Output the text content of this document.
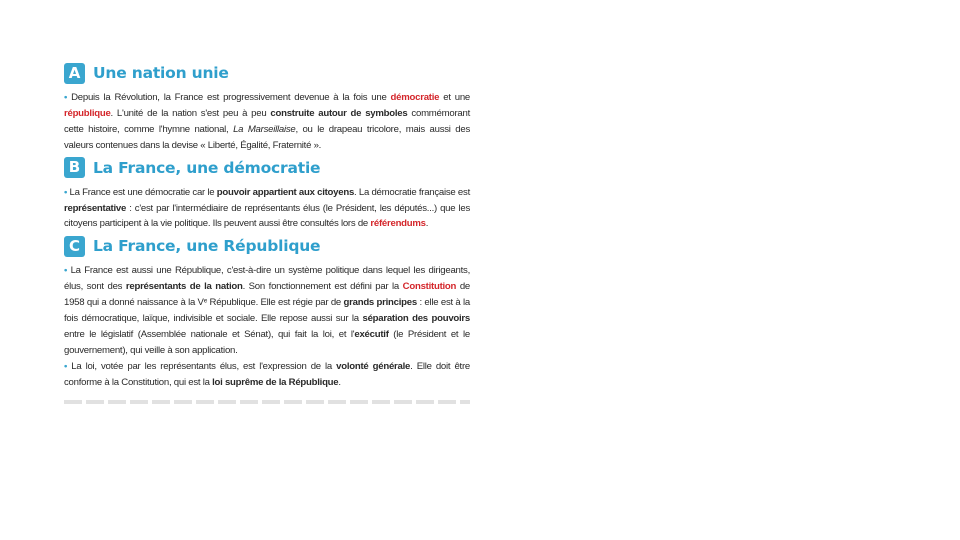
A Une nation unie

• Depuis la Révolution, la France est progressivement devenue à la fois une démocratie et une république. L'unité de la nation s'est peu à peu construite autour de symboles commémorant cette histoire, comme l'hymne national, La Marseillaise, ou le drapeau tricolore, mais aussi des valeurs contenues dans la devise « Liberté, Égalité, Fraternité ».

B La France, une démocratie

• La France est une démocratie car le pouvoir appartient aux citoyens. La démocratie française est représentative : c'est par l'intermédiaire de représentants élus (le Président, les députés...) que les citoyens participent à la vie politique. Ils peuvent aussi être consultés lors de référendums.

C La France, une République

• La France est aussi une République, c'est-à-dire un système politique dans lequel les dirigeants, élus, sont des représentants de la nation. Son fonctionnement est défini par la Constitution de 1958 qui a donné naissance à la Vᵉ République. Elle est régie par de grands principes : elle est à la fois démocratique, laïque, indivisible et sociale. Elle repose aussi sur la séparation des pouvoirs entre le législatif (Assemblée nationale et Sénat), qui fait la loi, et l'exécutif (le Président et le gouvernement), qui veille à son application.

• La loi, votée par les représentants élus, est l'expression de la volonté générale. Elle doit être conforme à la Constitution, qui est la loi suprême de la République.
